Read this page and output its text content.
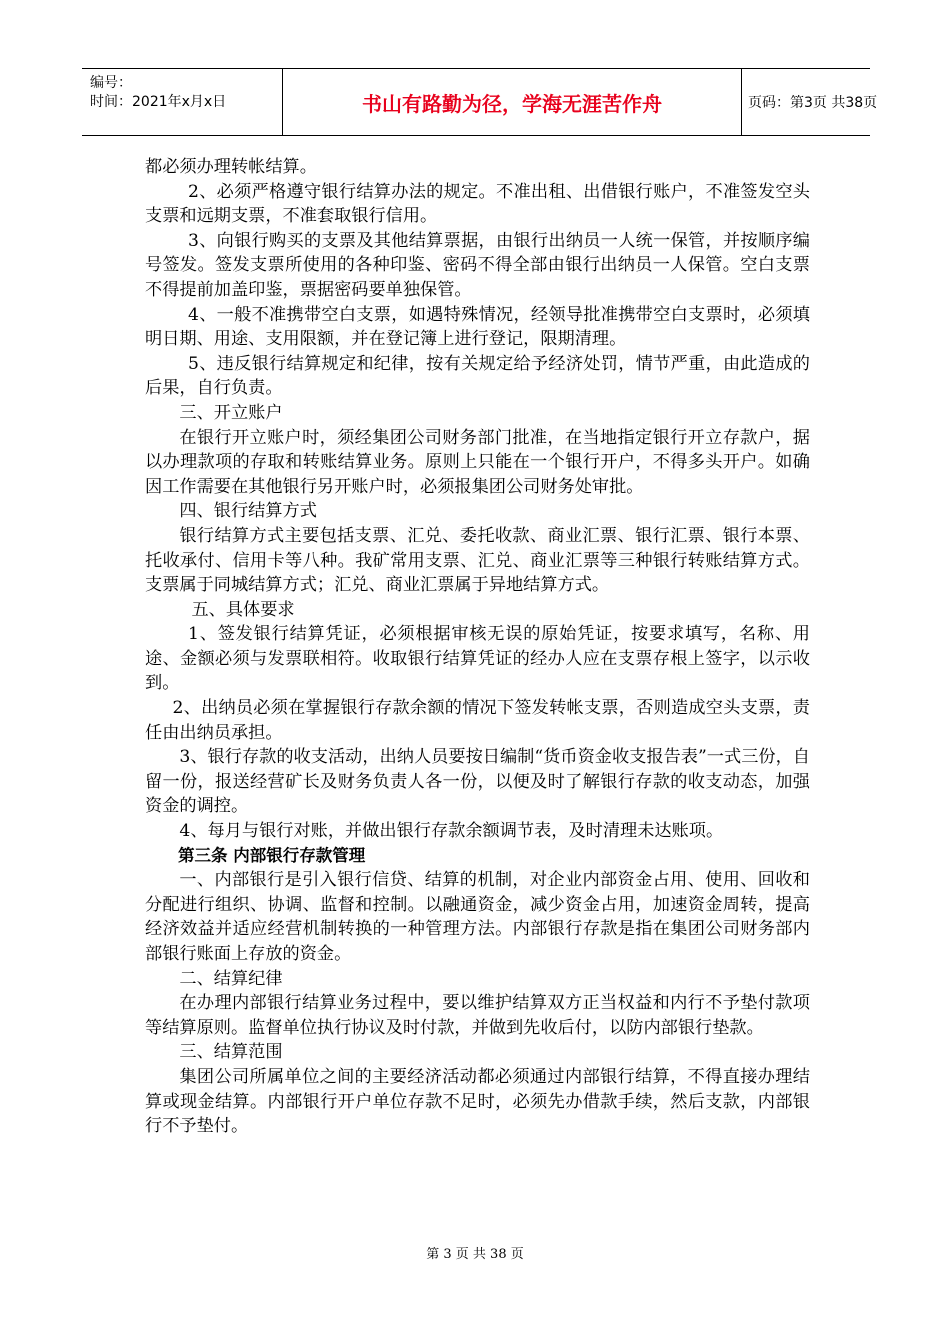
编号：
时间：2021年x月x日	书山有路勤为径，学海无涯苦作舟	页码：第3页 共38页

都必须办理转帐结算。

2、必须严格遵守银行结算办法的规定。不准出租、出借银行账户，不准签发空头支票和远期支票，不准套取银行信用。

3、向银行购买的支票及其他结算票据，由银行出纳员一人统一保管，并按顺序编号签发。签发支票所使用的各种印鉴、密码不得全部由银行出纳员一人保管。空白支票不得提前加盖印鉴，票据密码要单独保管。

4、一般不准携带空白支票，如遇特殊情况，经领导批准携带空白支票时，必须填明日期、用途、支用限额，并在登记簿上进行登记，限期清理。

5、违反银行结算规定和纪律，按有关规定给予经济处罚，情节严重，由此造成的后果，自行负责。

三、开立账户

在银行开立账户时，须经集团公司财务部门批准，在当地指定银行开立存款户，据以办理款项的存取和转账结算业务。原则上只能在一个银行开户，不得多头开户。如确因工作需要在其他银行另开账户时，必须报集团公司财务处审批。

四、银行结算方式

银行结算方式主要包括支票、汇兑、委托收款、商业汇票、银行汇票、银行本票、托收承付、信用卡等八种。我矿常用支票、汇兑、商业汇票等三种银行转账结算方式。支票属于同城结算方式；汇兑、商业汇票属于异地结算方式。

五、具体要求

1、签发银行结算凭证，必须根据审核无误的原始凭证，按要求填写，名称、用途、金额必须与发票联相符。收取银行结算凭证的经办人应在支票存根上签字，以示收到。

2、出纳员必须在掌握银行存款余额的情况下签发转帐支票，否则造成空头支票，责任由出纳员承担。

3、银行存款的收支活动，出纳人员要按日编制“货币资金收支报告表”一式三份，自留一份，报送经营矿长及财务负责人各一份，以便及时了解银行存款的收支动态，加强资金的调控。

4、每月与银行对账，并做出银行存款余额调节表，及时清理未达账项。

第三条 内部银行存款管理

一、内部银行是引入银行信贷、结算的机制，对企业内部资金占用、使用、回收和分配进行组织、协调、监督和控制。以融通资金，减少资金占用，加速资金周转，提高经济效益并适应经营机制转换的一种管理方法。内部银行存款是指在集团公司财务部内部银行账面上存放的资金。

二、结算纪律

在办理内部银行结算业务过程中，要以维护结算双方正当权益和内行不予垫付款项等结算原则。监督单位执行协议及时付款，并做到先收后付，以防内部银行垫款。

三、结算范围

集团公司所属单位之间的主要经济活动都必须通过内部银行结算，不得直接办理结算或现金结算。内部银行开户单位存款不足时，必须先办借款手续，然后支款，内部银行不予垫付。

第 3 页 共 38 页
